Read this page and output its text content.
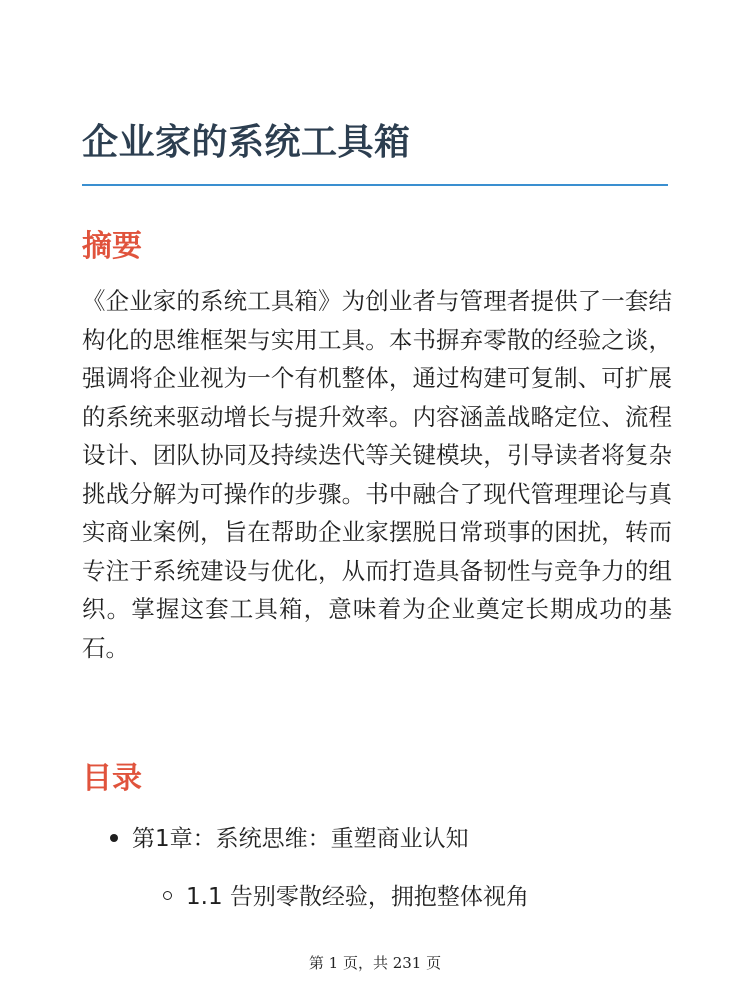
企业家的系统工具箱
摘要

《企业家的系统工具箱》为创业者与管理者提供了一套结构化的思维框架与实用工具。本书摒弃零散的经验之谈，强调将企业视为一个有机整体，通过构建可复制、可扩展的系统来驱动增长与提升效率。内容涵盖战略定位、流程设计、团队协同及持续迭代等关键模块，引导读者将复杂挑战分解为可操作的步骤。书中融合了现代管理理论与真实商业案例，旨在帮助企业家摆脱日常琐事的困扰，转而专注于系统建设与优化，从而打造具备韧性与竞争力的组织。掌握这套工具箱，意味着为企业奠定长期成功的基石。

目录
第1章：系统思维：重塑商业认知
1.1 告别零散经验，拥抱整体视角
第 1 页，共 231 页
